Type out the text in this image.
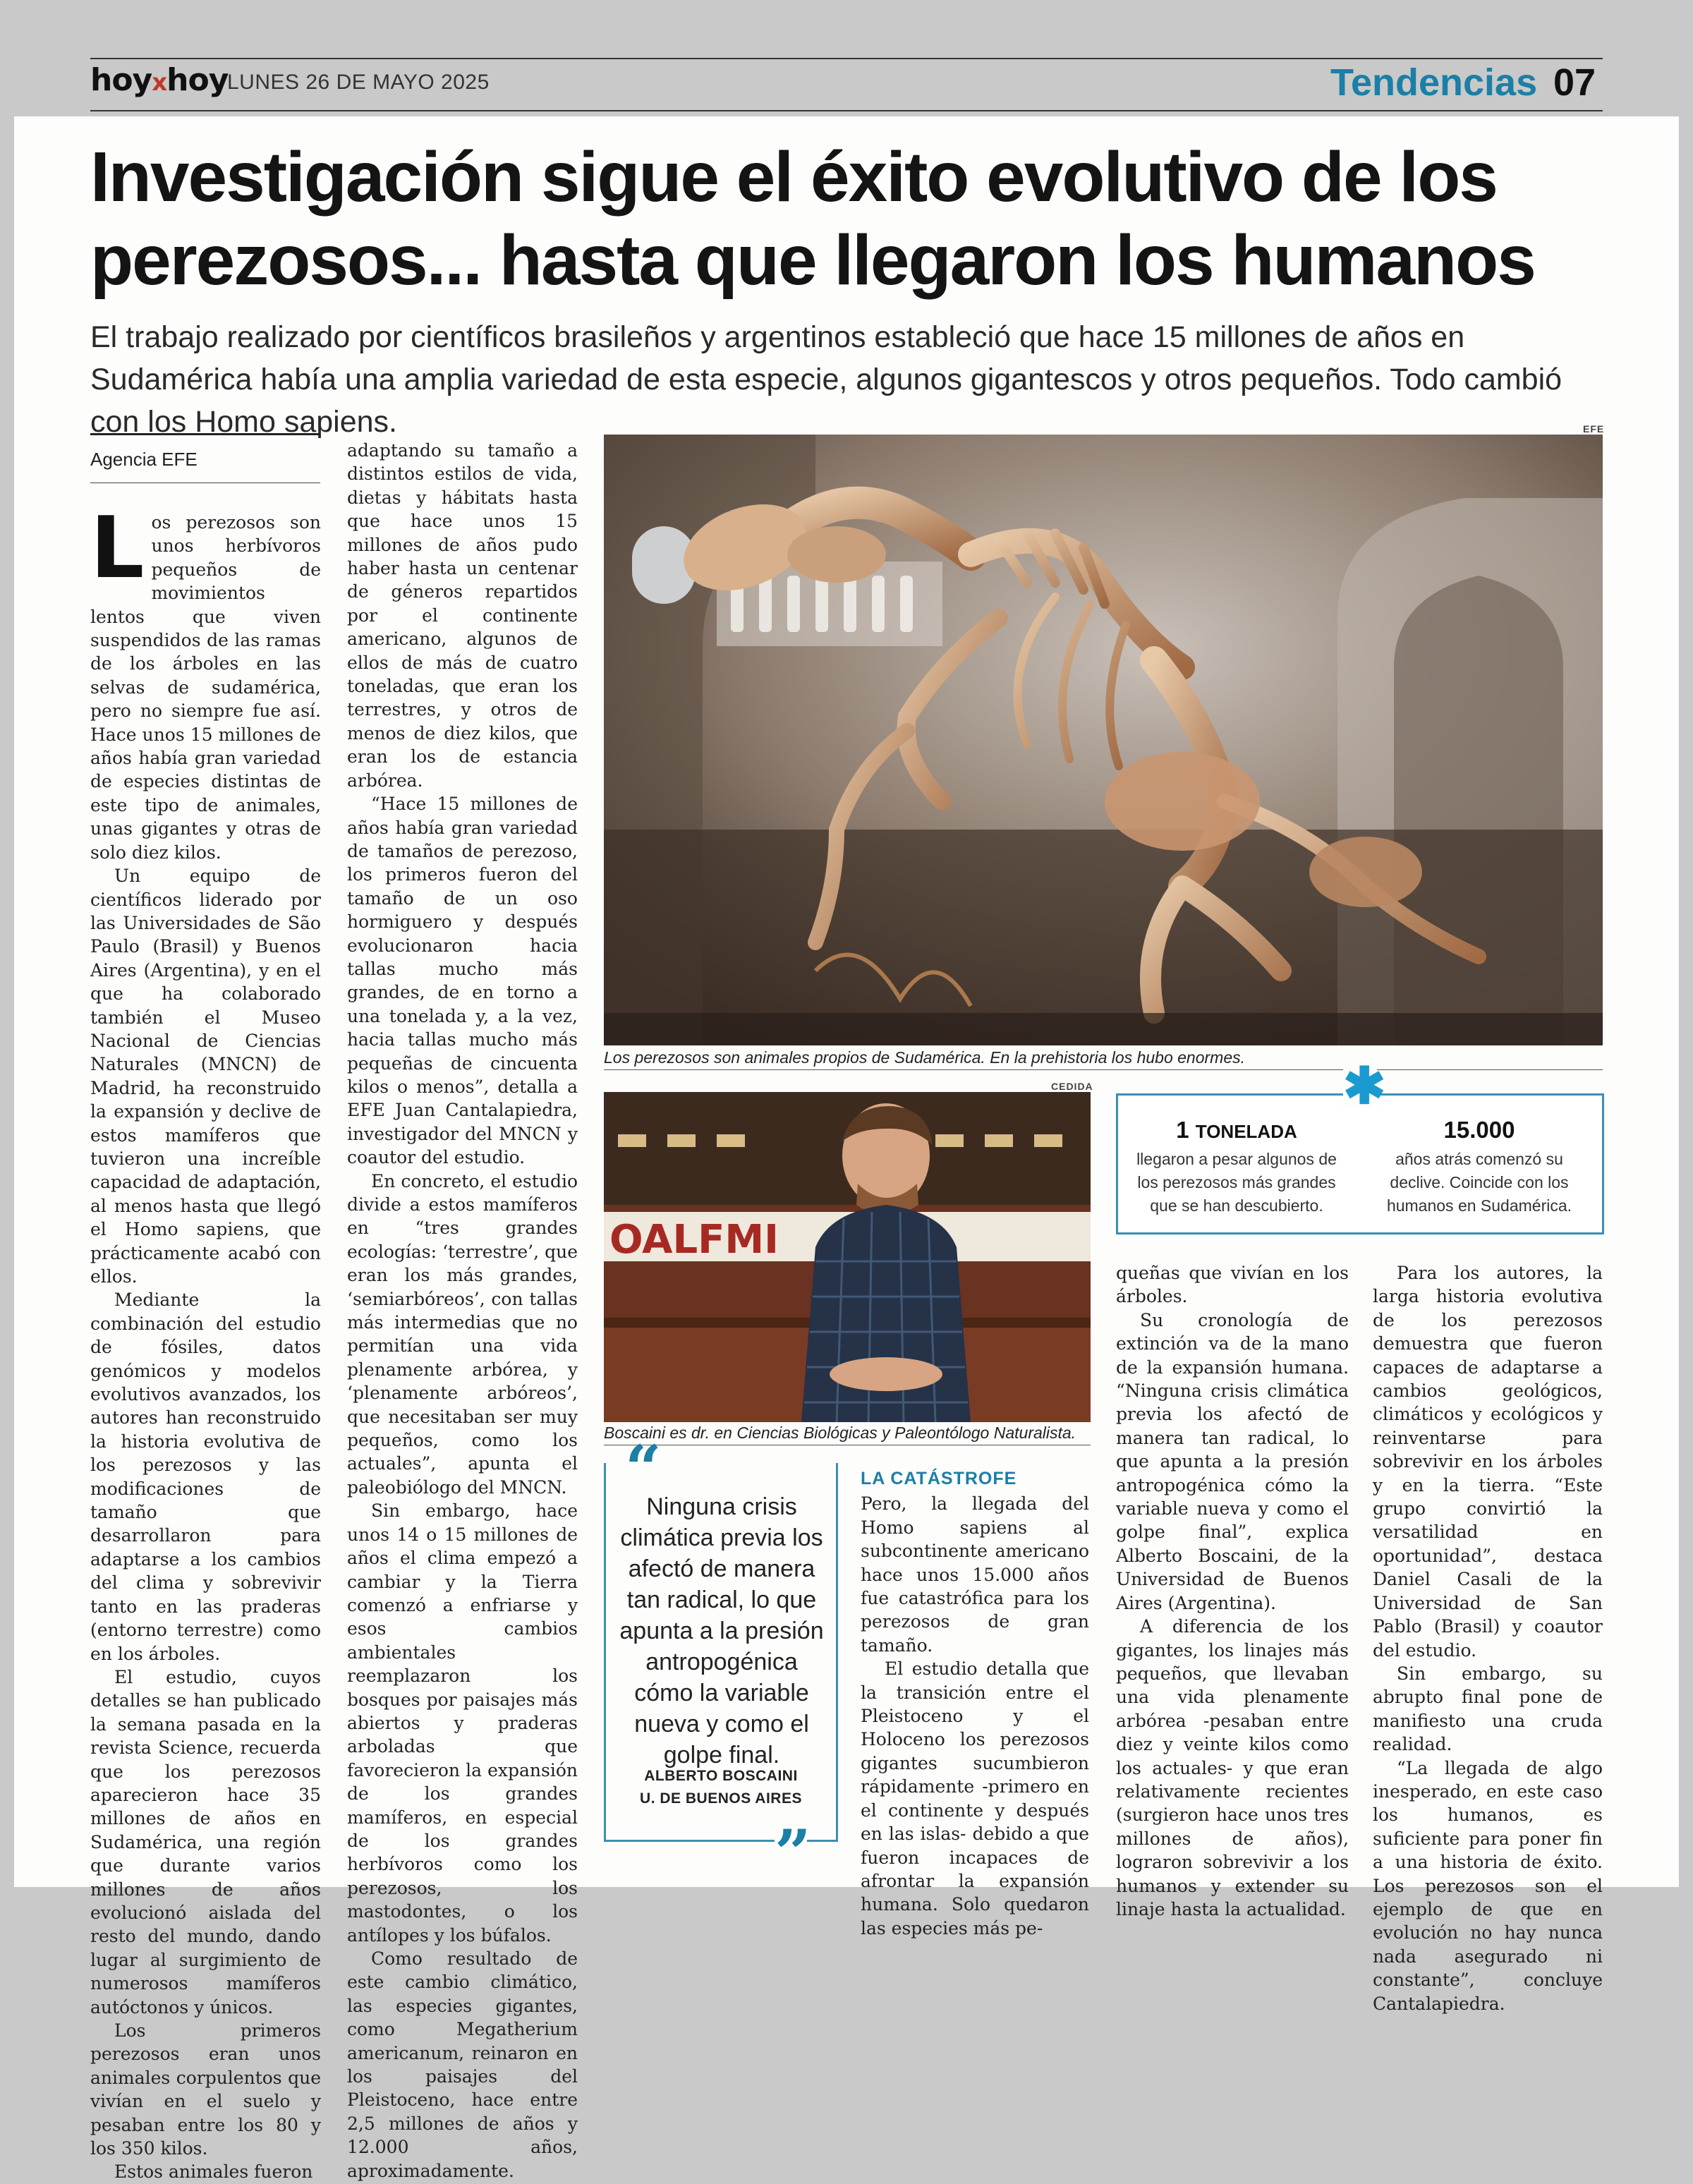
hoyxhoy
LUNES 26 DE MAYO 2025	Tendencias 07
Investigación sigue el éxito evolutivo de los
perezosos... hasta que llegaron los humanos

El trabajo realizado por científicos brasileños y argentinos estableció que hace 15 millones de años en Sudamérica había una amplia variedad de esta especie, algunos gigantescos y otros pequeños. Todo cambió con los Homo sapiens.

Agencia EFE

Los perezosos son unos herbívoros pequeños de movimientos lentos que viven suspendidos de las ramas de los árboles en las selvas de sudamérica, pero no siempre fue así. Hace unos 15 millones de años había gran variedad de especies distintas de este tipo de animales, unas gigantes y otras de solo diez kilos.

Un equipo de científicos liderado por las Universidades de São Paulo (Brasil) y Buenos Aires (Argentina), y en el que ha colaborado también el Museo Nacional de Ciencias Naturales (MNCN) de Madrid, ha reconstruido la expansión y declive de estos mamíferos que tuvieron una increíble capacidad de adaptación, al menos hasta que llegó el Homo sapiens, que prácticamente acabó con ellos.

Mediante la combinación del estudio de fósiles, datos genómicos y modelos evolutivos avanzados, los autores han reconstruido la historia evolutiva de los perezosos y las modificaciones de tamaño que desarrollaron para adaptarse a los cambios del clima y sobrevivir tanto en las praderas (entorno terrestre) como en los árboles.

El estudio, cuyos detalles se han publicado la semana pasada en la revista Science, recuerda que los perezosos aparecieron hace 35 millones de años en Sudamérica, una región que durante varios millones de años evolucionó aislada del resto del mundo, dando lugar al surgimiento de numerosos mamíferos autóctonos y únicos.

Los primeros perezosos eran unos animales corpulentos que vivían en el suelo y pesaban entre los 80 y los 350 kilos.

Estos animales fueron

adaptando su tamaño a distintos estilos de vida, dietas y hábitats hasta que hace unos 15 millones de años pudo haber hasta un centenar de géneros repartidos por el continente americano, algunos de ellos de más de cuatro toneladas, que eran los terrestres, y otros de menos de diez kilos, que eran los de estancia arbórea.

“Hace 15 millones de años había gran variedad de tamaños de perezoso, los primeros fueron del tamaño de un oso hormiguero y después evolucionaron hacia tallas mucho más grandes, de en torno a una tonelada y, a la vez, hacia tallas mucho más pequeñas de cincuenta kilos o menos”, detalla a EFE Juan Cantalapiedra, investigador del MNCN y coautor del estudio.

En concreto, el estudio divide a estos mamíferos en “tres grandes ecologías: ‘terrestre’, que eran los más grandes, ‘semiarbóreos’, con tallas más intermedias que no permitían una vida plenamente arbórea, y ‘plenamente arbóreos’, que necesitaban ser muy pequeños, como los actuales”, apunta el paleobiólogo del MNCN.

Sin embargo, hace unos 14 o 15 millones de años el clima empezó a cambiar y la Tierra comenzó a enfriarse y esos cambios ambientales reemplazaron los bosques por paisajes más abiertos y praderas arboladas que favorecieron la expansión de los grandes mamíferos, en especial de los grandes herbívoros como los perezosos, los mastodontes, o los antílopes y los búfalos.

Como resultado de este cambio climático, las especies gigantes, como Megatherium americanum, reinaron en los paisajes del Pleistoceno, hace entre 2,5 millones de años y 12.000 años, aproximadamente.

EFE
Los perezosos son animales propios de Sudamérica. En la prehistoria los hubo enormes.
CEDIDA
OALFMI
Boscaini es dr. en Ciencias Biológicas y Paleontólogo Naturalista.
1 TONELADA
llegaron a pesar algunos de los perezosos más grandes que se han descubierto.
15.000
años atrás comenzó su declive. Coincide con los humanos en Sudamérica.
✱
Ninguna crisis climática previa los afectó de manera tan radical, lo que apunta a la presión antropogénica cómo la variable nueva y como el golpe final.
ALBERTO BOSCAINI
U. DE BUENOS AIRES
“
”
LA CATÁSTROFE

Pero, la llegada del Homo sapiens al subcontinente americano hace unos 15.000 años fue catastrófica para los perezosos de gran tamaño.

El estudio detalla que la transición entre el Pleistoceno y el Holoceno los perezosos gigantes sucumbieron rápidamente -primero en el continente y después en las islas- debido a que fueron incapaces de afrontar la expansión humana. Solo quedaron las especies más pe-

queñas que vivían en los árboles.

Su cronología de extinción va de la mano de la expansión humana. “Ninguna crisis climática previa los afectó de manera tan radical, lo que apunta a la presión antropogénica cómo la variable nueva y como el golpe final”, explica Alberto Boscaini, de la Universidad de Buenos Aires (Argentina).

A diferencia de los gigantes, los linajes más pequeños, que llevaban una vida plenamente arbórea -pesaban entre diez y veinte kilos como los actuales- y que eran relativamente recientes (surgieron hace unos tres millones de años), lograron sobrevivir a los humanos y extender su linaje hasta la actualidad.

Para los autores, la larga historia evolutiva de los perezosos demuestra que fueron capaces de adaptarse a cambios geológicos, climáticos y ecológicos y reinventarse para sobrevivir en los árboles y en la tierra. “Este grupo convirtió la versatilidad en oportunidad”, destaca Daniel Casali de la Universidad de San Pablo (Brasil) y coautor del estudio.

Sin embargo, su abrupto final pone de manifiesto una cruda realidad.

“La llegada de algo inesperado, en este caso los humanos, es suficiente para poner fin a una historia de éxito. Los perezosos son el ejemplo de que en evolución no hay nunca nada asegurado ni constante”, concluye Cantalapiedra.
